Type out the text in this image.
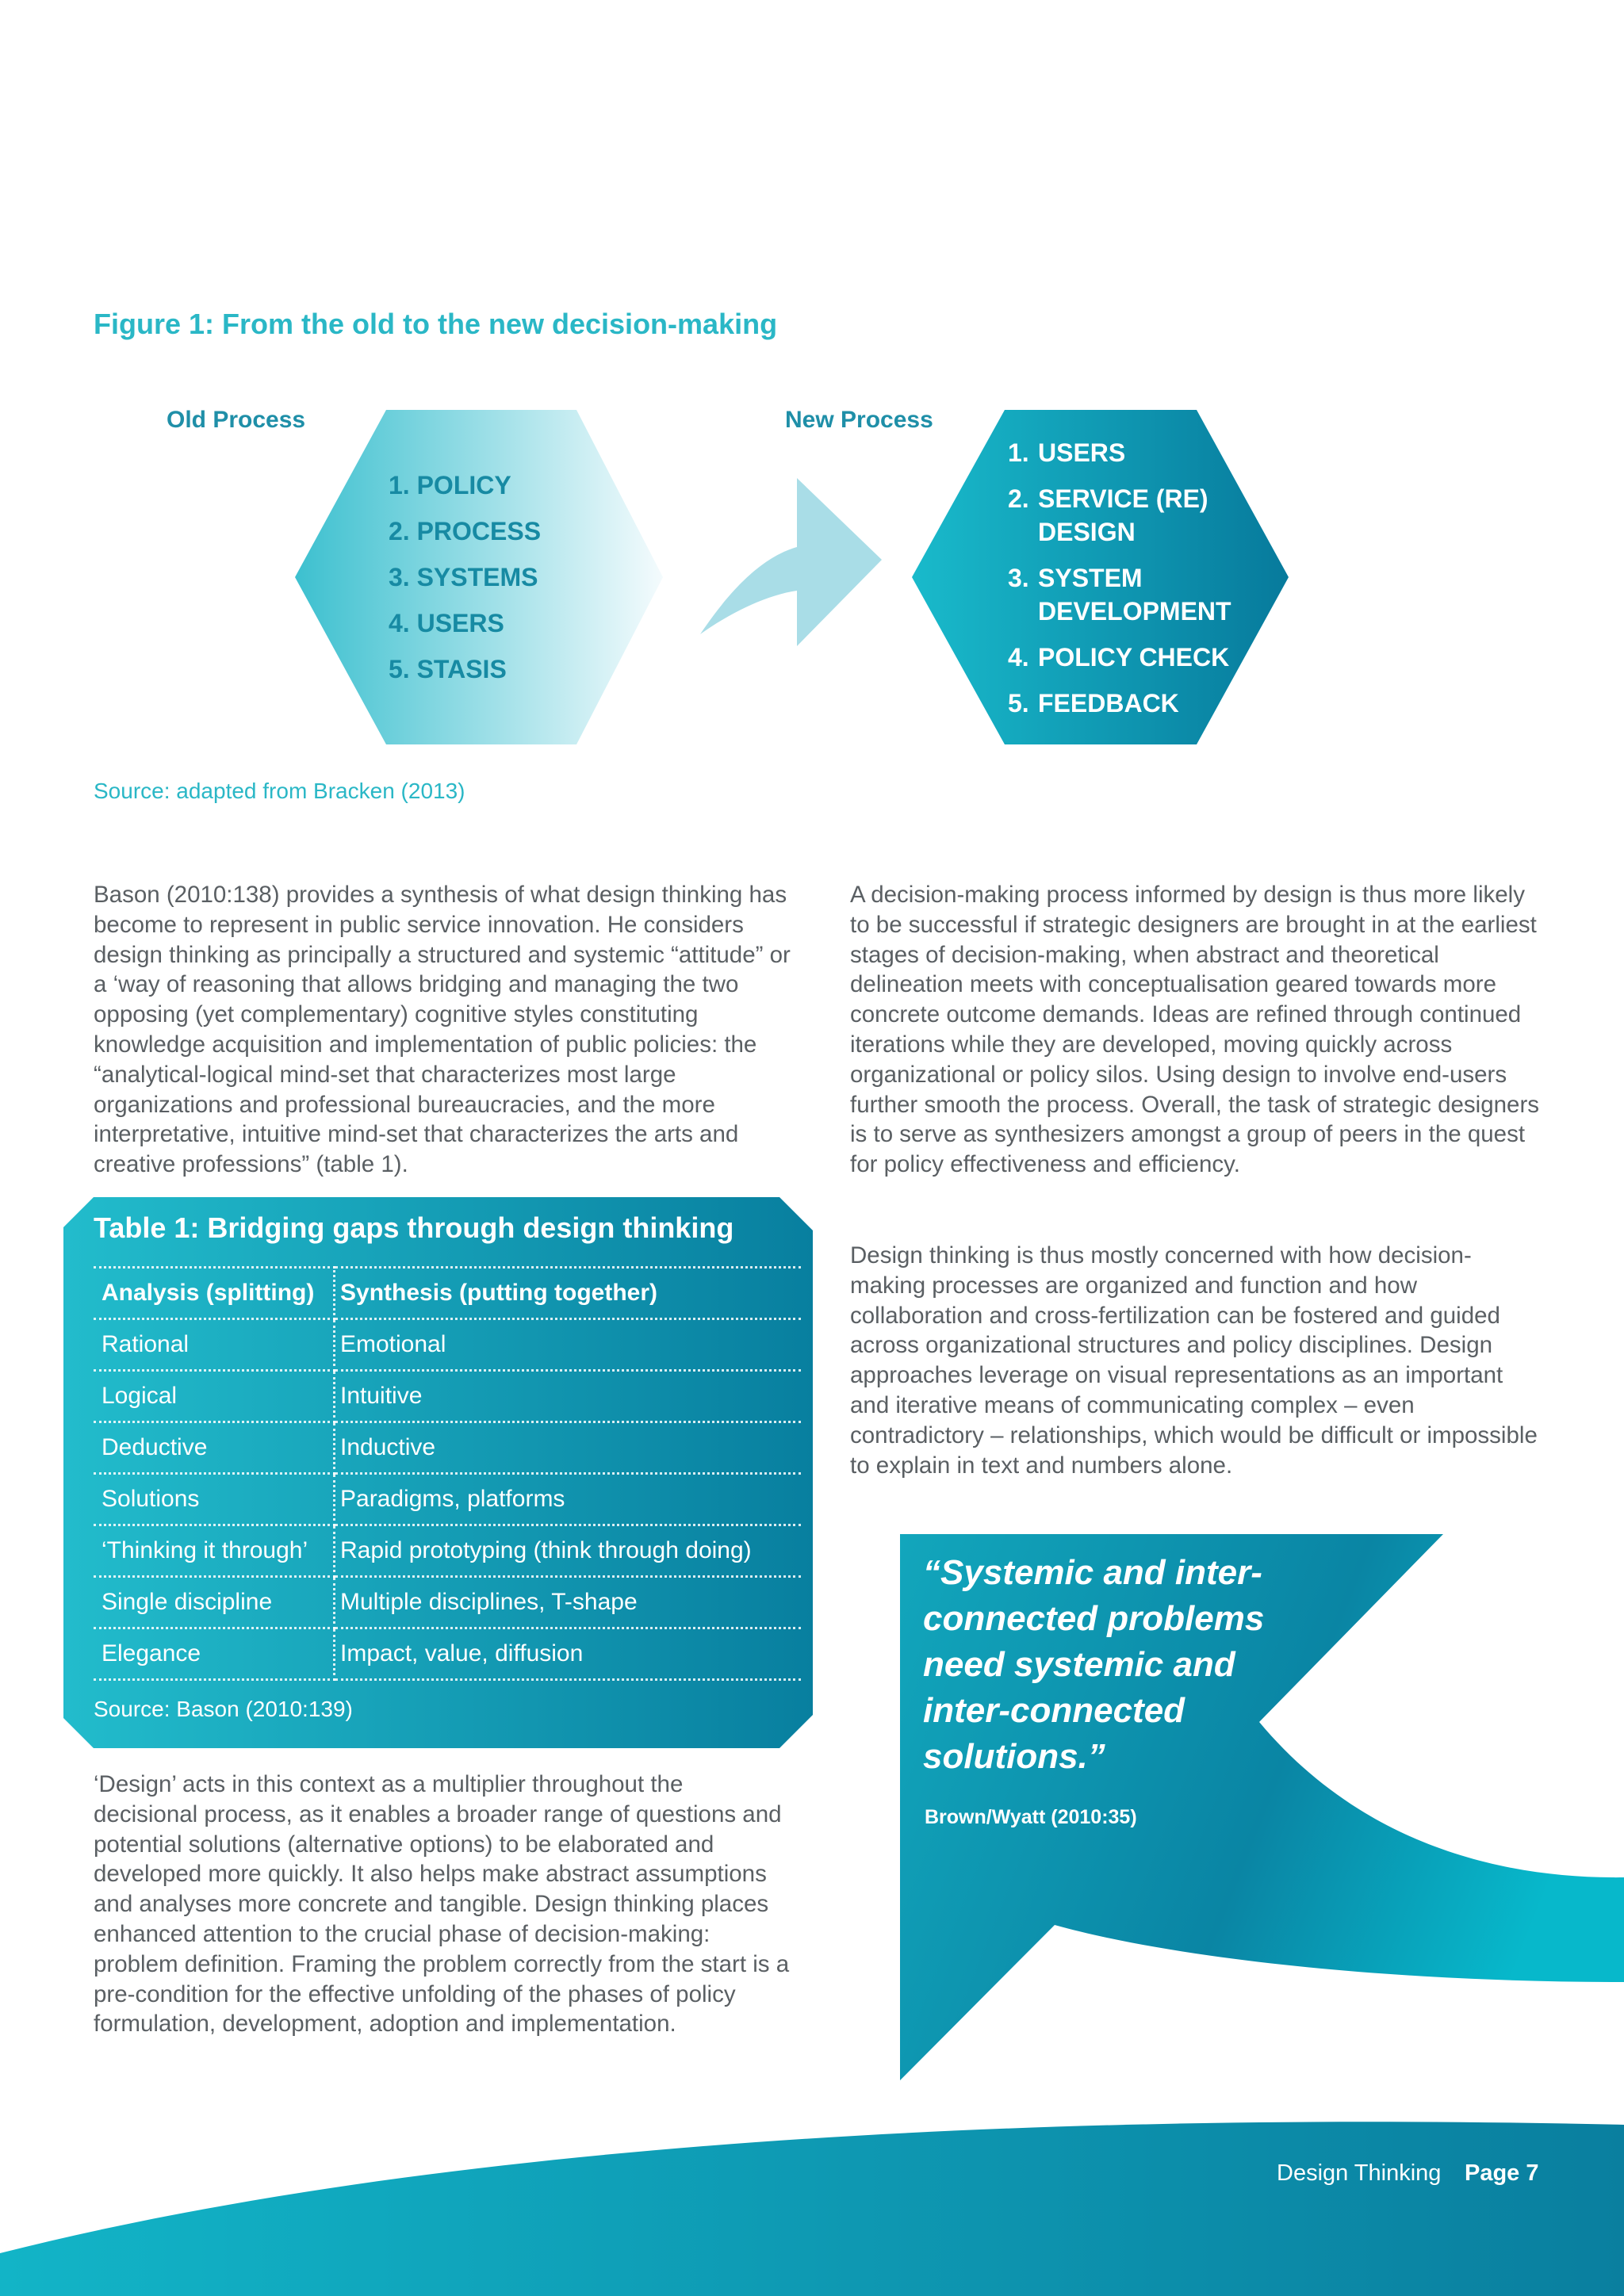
Figure 1: From the old to the new decision-making
Old Process	New Process
1. POLICY
2. PROCESS
3. SYSTEMS
4. USERS
5. STASIS
1. USERS
2. SERVICE (RE) DESIGN
3. SYSTEM DEVELOPMENT
4. POLICY CHECK
5. FEEDBACK
Source: adapted from Bracken (2013)

Bason (2010:138) provides a synthesis of what design thinking has become to represent in public service innovation. He considers design thinking as principally a structured and systemic “attitude” or a ‘way of reasoning that allows bridging and managing the two opposing (yet complementary) cognitive styles constituting knowledge acquisition and implementation of public policies: the “analytical-logical mind-set that characterizes most large organizations and professional bureaucracies, and the more interpretative, intuitive mind-set that characterizes the arts and creative professions” (table 1).

Table 1: Bridging gaps through design thinking
Analysis (splitting)	Synthesis (putting together)
Rational	Emotional
Logical	Intuitive
Deductive	Inductive
Solutions	Paradigms, platforms
‘Thinking it through’	Rapid prototyping (think through doing)
Single discipline	Multiple disciplines, T-shape
Elegance	Impact, value, diffusion
Source: Bason (2010:139)

‘Design’ acts in this context as a multiplier throughout the decisional process, as it enables a broader range of questions and potential solutions (alternative options) to be elaborated and developed more quickly. It also helps make abstract assumptions and analyses more concrete and tangible. Design thinking places enhanced attention to the crucial phase of decision-making: problem definition. Framing the problem correctly from the start is a pre-condition for the effective unfolding of the phases of policy formulation, development, adoption and implementation.

A decision-making process informed by design is thus more likely to be successful if strategic designers are brought in at the earliest stages of decision-making, when abstract and theoretical delineation meets with conceptualisation geared towards more concrete outcome demands. Ideas are refined through continued iterations while they are developed, moving quickly across organizational or policy silos. Using design to involve end-users further smooth the process. Overall, the task of strategic designers is to serve as synthesizers amongst a group of peers in the quest for policy effectiveness and efficiency.

Design thinking is thus mostly concerned with how decision-making processes are organized and function and how collaboration and cross-fertilization can be fostered and guided across organizational structures and policy disciplines. Design approaches leverage on visual representations as an important and iterative means of communicating complex – even contradictory – relationships, which would be difficult or impossible to explain in text and numbers alone.

“Systemic and inter-connected problems need systemic and inter-connected solutions.”
Brown/Wyatt (2010:35)
Design Thinking Page 7
